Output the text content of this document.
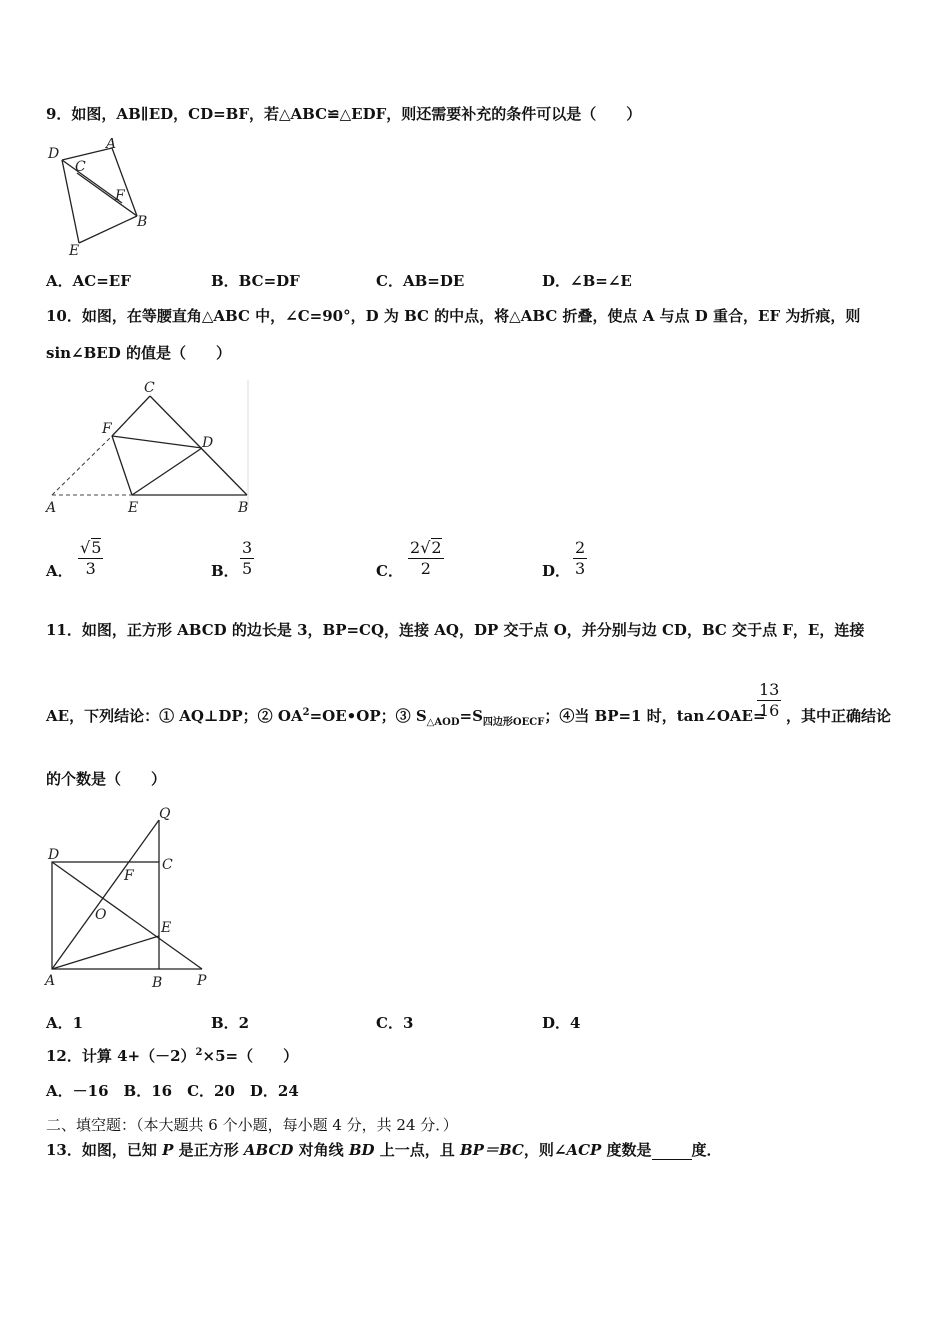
9．如图，AB∥ED，CD=BF，若△ABC≌△EDF，则还需要补充的条件可以是（　　）
D
C
A
F
B
E
A．AC=EF	B．BC=DF	C．AB=DE	D．∠B=∠E
10．如图，在等腰直角△ABC 中，∠C=90°，D 为 BC 的中点，将△ABC 折叠，使点 A 与点 D 重合，EF 为折痕，则
sin∠BED 的值是（　　）
C
F
D
A	E	B
A． $\frac{√5}{3}$	B． $\frac{3}{5}$	C． $\frac{2√2}{2}$	D． $\frac{2}{3}$
11．如图，正方形 ABCD 的边长是 3，BP=CQ，连接 AQ，DP 交于点 O，并分别与边 CD，BC 交于点 F，E，连接
AE，下列结论：① AQ⊥DP；② $OA^2=OE•OP$；③ $S_{\triangle AOD}=S_{四边形OECF}$；④当 BP=1 时，tan∠OAE=
$\frac{13}{16}$ ，其中正确结论
的个数是（　　）
Q
D
C
F
O
E
A	B P
A．1	B．2	C．3	D．4
12．计算 $4+(-2)^2\times 5=$（　　）
A．－16　B．16　C．20　D．24
二、填空题：（本大题共 6 个小题，每小题 4 分，共 24 分．）
13．如图，已知 P 是正方形 ABCD 对角线 BD 上一点，且 BP＝BC，则∠ACP 度数是	度．
